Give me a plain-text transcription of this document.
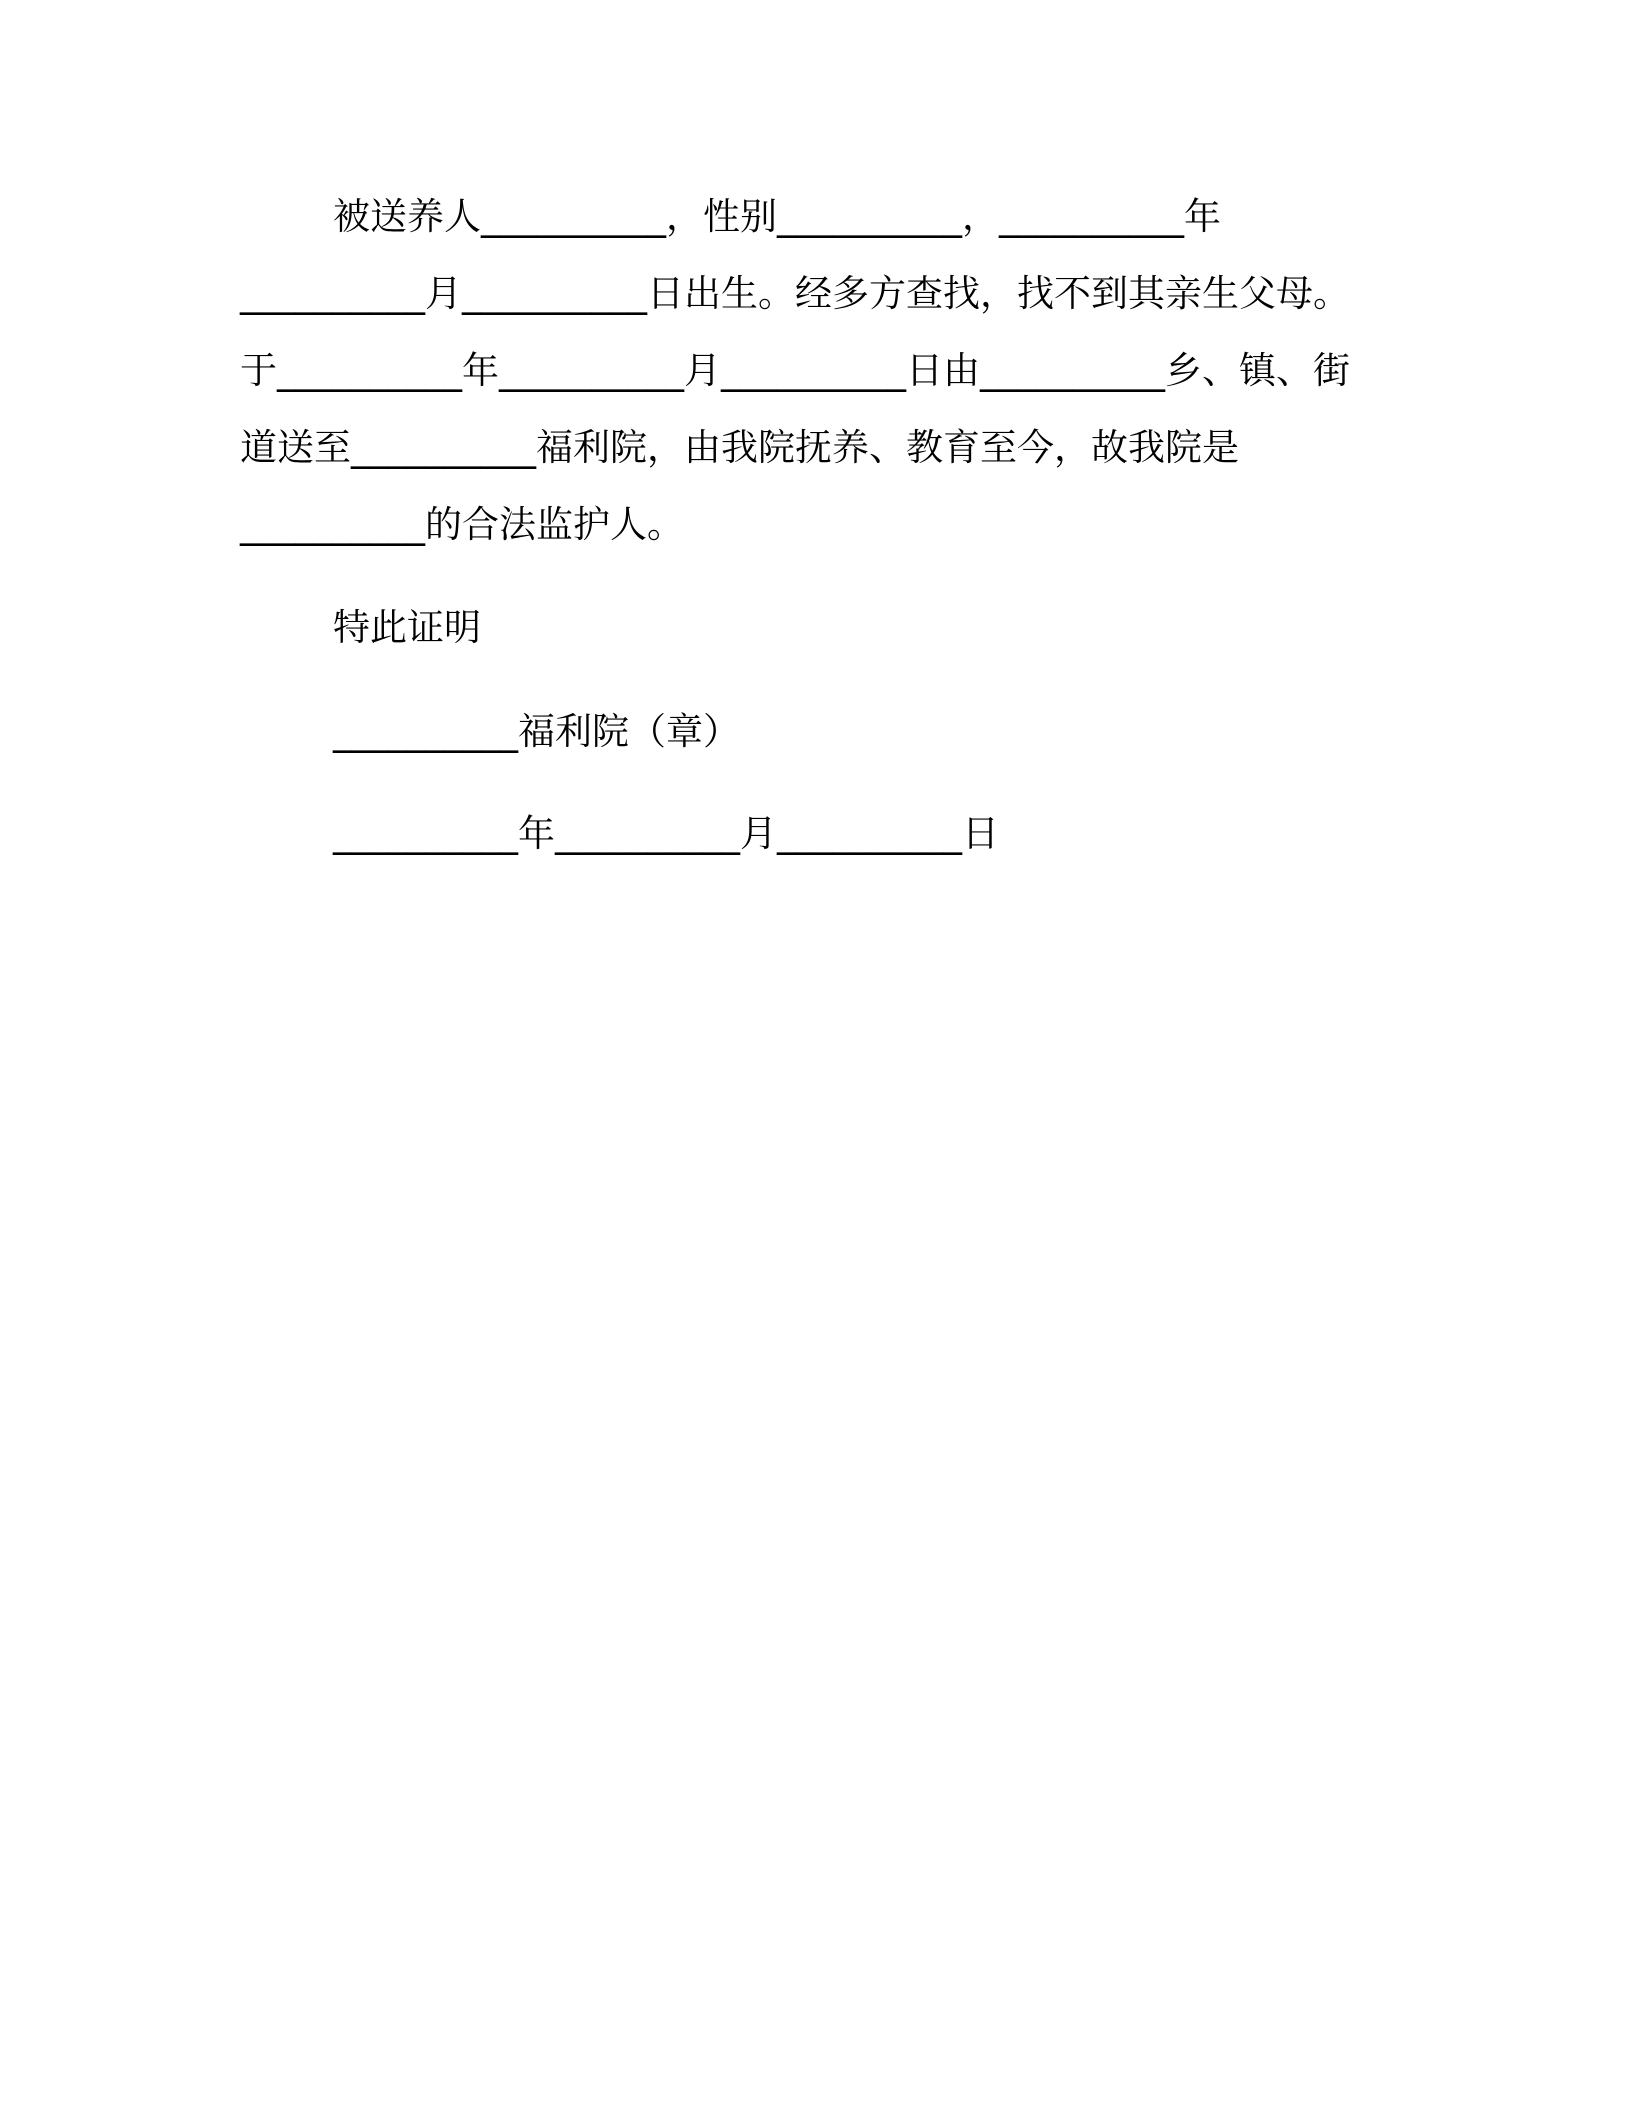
被送养人__________，性别__________，__________年
__________月__________日出生。经多方查找，找不到其亲生父母。
于__________年__________月__________日由__________乡、镇、街
道送至__________福利院，由我院抚养、教育至今，故我院是
__________的合法监护人。
特此证明
__________福利院（章）
__________年__________月__________日
